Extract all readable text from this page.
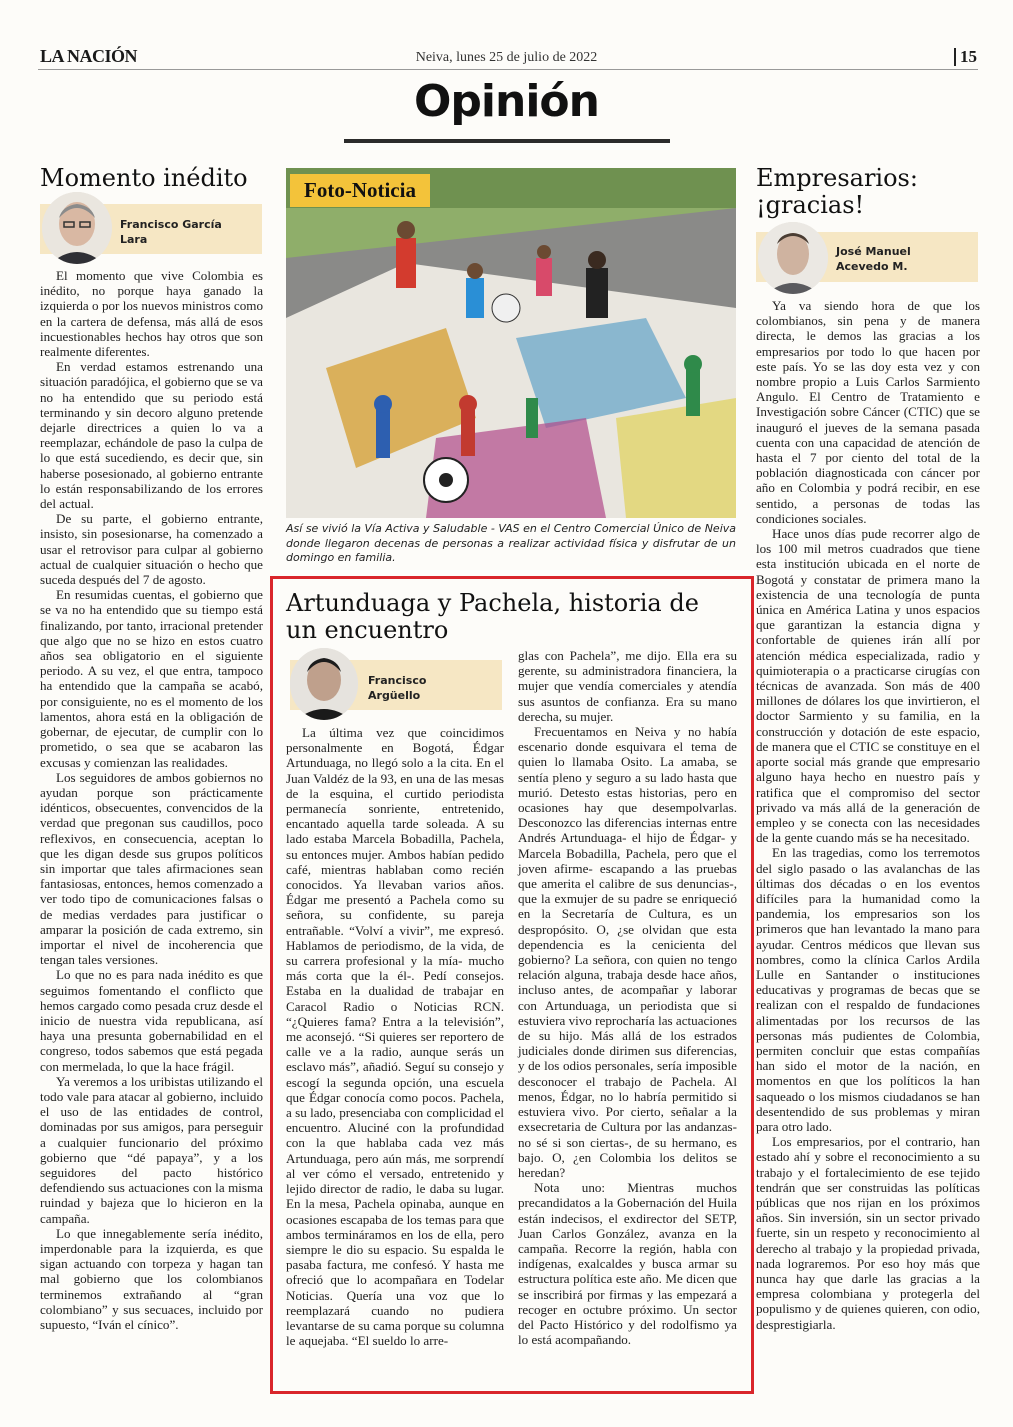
LA NACIÓN	Neiva, lunes 25 de julio de 2022	15
Opinión
Momento inédito
Francisco García
Lara

El momento que vive Colombia es inédito, no porque haya ganado la izquierda o por los nuevos ministros como en la cartera de defensa, más allá de esos incuestionables hechos hay otros que son realmente diferentes.

En verdad estamos estrenando una situación paradójica, el gobierno que se va no ha entendido que su periodo está terminando y sin decoro alguno pretende dejarle directrices a quien lo va a reemplazar, echándole de paso la culpa de lo que está sucediendo, es decir que, sin haberse posesionado, al gobierno entrante lo están responsabilizando de los errores del actual.

De su parte, el gobierno entrante, insisto, sin posesionarse, ha comenzado a usar el retrovisor para culpar al gobierno actual de cualquier situación o hecho que suceda después del 7 de agosto.

En resumidas cuentas, el gobierno que se va no ha entendido que su tiempo está finalizando, por tanto, irracional pretender que algo que no se hizo en estos cuatro años sea obligatorio en el siguiente periodo. A su vez, el que entra, tampoco ha entendido que la campaña se acabó, por consiguiente, no es el momento de los lamentos, ahora está en la obligación de gobernar, de ejecutar, de cumplir con lo prometido, o sea que se acabaron las excusas y comienzan las realidades.

Los seguidores de ambos gobiernos no ayudan porque son prácticamente idénticos, obsecuentes, convencidos de la verdad que pregonan sus caudillos, poco reflexivos, en consecuencia, aceptan lo que les digan desde sus grupos políticos sin importar que tales afirmaciones sean fantasiosas, entonces, hemos comenzado a ver todo tipo de comunicaciones falsas o de medias verdades para justificar o amparar la posición de cada extremo, sin importar el nivel de incoherencia que tengan tales versiones.

Lo que no es para nada inédito es que seguimos fomentando el conflicto que hemos cargado como pesada cruz desde el inicio de nuestra vida republicana, así haya una presunta gobernabilidad en el congreso, todos sabemos que está pegada con mermelada, lo que la hace frágil.

Ya veremos a los uribistas utilizando el todo vale para atacar al gobierno, incluido el uso de las entidades de control, dominadas por sus amigos, para perseguir a cualquier funcionario del próximo gobierno que “dé papaya”, y a los seguidores del pacto histórico defendiendo sus actuaciones con la misma ruindad y bajeza que lo hicieron en la campaña.

Lo que innegablemente sería inédito, imperdonable para la izquierda, es que sigan actuando con torpeza y hagan tan mal gobierno que los colombianos terminemos extrañando al “gran colombiano” y sus secuaces, incluido por supuesto, “Iván el cínico”.

Foto-Noticia
Así se vivió la Vía Activa y Saludable - VAS en el Centro Comercial Único de Neiva donde llegaron decenas de personas a realizar actividad física y disfrutar de un domingo en familia.
Artunduaga y Pachela, historia de un encuentro
Francisco
Argüello

La última vez que coincidimos personalmente en Bogotá, Édgar Artunduaga, no llegó solo a la cita. En el Juan Valdéz de la 93, en una de las mesas de la esquina, el curtido periodista permanecía sonriente, entretenido, encantado aquella tarde soleada. A su lado estaba Marcela Bobadilla, Pachela, su entonces mujer. Ambos habían pedido café, mientras hablaban como recién conocidos. Ya llevaban varios años. Édgar me presentó a Pachela como su señora, su confidente, su pareja entrañable. “Volví a vivir”, me expresó. Hablamos de periodismo, de la vida, de su carrera profesional y la mía- mucho más corta que la él-. Pedí consejos. Estaba en la dualidad de trabajar en Caracol Radio o Noticias RCN. “¿Quieres fama? Entra a la televisión”, me aconsejó. “Si quieres ser reportero de calle ve a la radio, aunque serás un esclavo más”, añadió. Seguí su consejo y escogí la segunda opción, una escuela que Édgar conocía como pocos. Pachela, a su lado, presenciaba con complicidad el encuentro. Aluciné con la profundidad con la que hablaba cada vez más Artunduaga, pero aún más, me sorprendí al ver cómo el versado, entretenido y lejido director de radio, le daba su lugar. En la mesa, Pachela opinaba, aunque en ocasiones escapaba de los temas para que ambos termináramos en los de ella, pero siempre le dio su espacio. Su espalda le pasaba factura, me confesó. Y hasta me ofreció que lo acompañara en Todelar Noticias. Quería una voz que lo reemplazará cuando no pudiera levantarse de su cama porque su columna le aquejaba. “El sueldo lo arre-

glas con Pachela”, me dijo. Ella era su gerente, su administradora financiera, la mujer que vendía comerciales y atendía sus asuntos de confianza. Era su mano derecha, su mujer.

Frecuentamos en Neiva y no había escenario donde esquivara el tema de quien lo llamaba Osito. La amaba, se sentía pleno y seguro a su lado hasta que murió. Detesto estas historias, pero en ocasiones hay que desempolvarlas. Desconozco las diferencias internas entre Andrés Artunduaga- el hijo de Édgar- y Marcela Bobadilla, Pachela, pero que el joven afirme- escapando a las pruebas que amerita el calibre de sus denuncias-, que la exmujer de su padre se enriqueció en la Secretaría de Cultura, es un despropósito. O, ¿se olvidan que esta dependencia es la cenicienta del gobierno? La señora, con quien no tengo relación alguna, trabaja desde hace años, incluso antes, de acompañar y laborar con Artunduaga, un periodista que si estuviera vivo reprocharía las actuaciones de su hijo. Más allá de los estrados judiciales donde dirimen sus diferencias, y de los odios personales, sería imposible desconocer el trabajo de Pachela. Al menos, Édgar, no lo habría permitido si estuviera vivo. Por cierto, señalar a la exsecretaria de Cultura por las andanzas- no sé si son ciertas-, de su hermano, es bajo. O, ¿en Colombia los delitos se heredan?

Nota uno: Mientras muchos precandidatos a la Gobernación del Huila están indecisos, el exdirector del SETP, Juan Carlos González, avanza en la campaña. Recorre la región, habla con indígenas, exalcaldes y busca armar su estructura política este año. Me dicen que se inscribirá por firmas y las empezará a recoger en octubre próximo. Un sector del Pacto Histórico y del rodolfismo ya lo está acompañando.

Empresarios:
¡gracias!
José Manuel
Acevedo M.

Ya va siendo hora de que los colombianos, sin pena y de manera directa, le demos las gracias a los empresarios por todo lo que hacen por este país. Yo se las doy esta vez y con nombre propio a Luis Carlos Sarmiento Angulo. El Centro de Tratamiento e Investigación sobre Cáncer (CTIC) que se inauguró el jueves de la semana pasada cuenta con una capacidad de atención de hasta el 7 por ciento del total de la población diagnosticada con cáncer por año en Colombia y podrá recibir, en ese sentido, a personas de todas las condiciones sociales.

Hace unos días pude recorrer algo de los 100 mil metros cuadrados que tiene esta institución ubicada en el norte de Bogotá y constatar de primera mano la existencia de una tecnología de punta única en América Latina y unos espacios que garantizan la estancia digna y confortable de quienes irán allí por atención médica especializada, radio y quimioterapia o a practicarse cirugías con técnicas de avanzada. Son más de 400 millones de dólares los que invirtieron, el doctor Sarmiento y su familia, en la construcción y dotación de este espacio, de manera que el CTIC se constituye en el aporte social más grande que empresario alguno haya hecho en nuestro país y ratifica que el compromiso del sector privado va más allá de la generación de empleo y se conecta con las necesidades de la gente cuando más se ha necesitado.

En las tragedias, como los terremotos del siglo pasado o las avalanchas de las últimas dos décadas o en los eventos difíciles para la humanidad como la pandemia, los empresarios son los primeros que han levantado la mano para ayudar. Centros médicos que llevan sus nombres, como la clínica Carlos Ardila Lulle en Santander o instituciones educativas y programas de becas que se realizan con el respaldo de fundaciones alimentadas por los recursos de las personas más pudientes de Colombia, permiten concluir que estas compañías han sido el motor de la nación, en momentos en que los políticos la han saqueado o los mismos ciudadanos se han desentendido de sus problemas y miran para otro lado.

Los empresarios, por el contrario, han estado ahí y sobre el reconocimiento a su trabajo y el fortalecimiento de ese tejido tendrán que ser construidas las políticas públicas que nos rijan en los próximos años. Sin inversión, sin un sector privado fuerte, sin un respeto y reconocimiento al derecho al trabajo y la propiedad privada, nada lograremos. Por eso hoy más que nunca hay que darle las gracias a la empresa colombiana y protegerla del populismo y de quienes quieren, con odio, desprestigiarla.
